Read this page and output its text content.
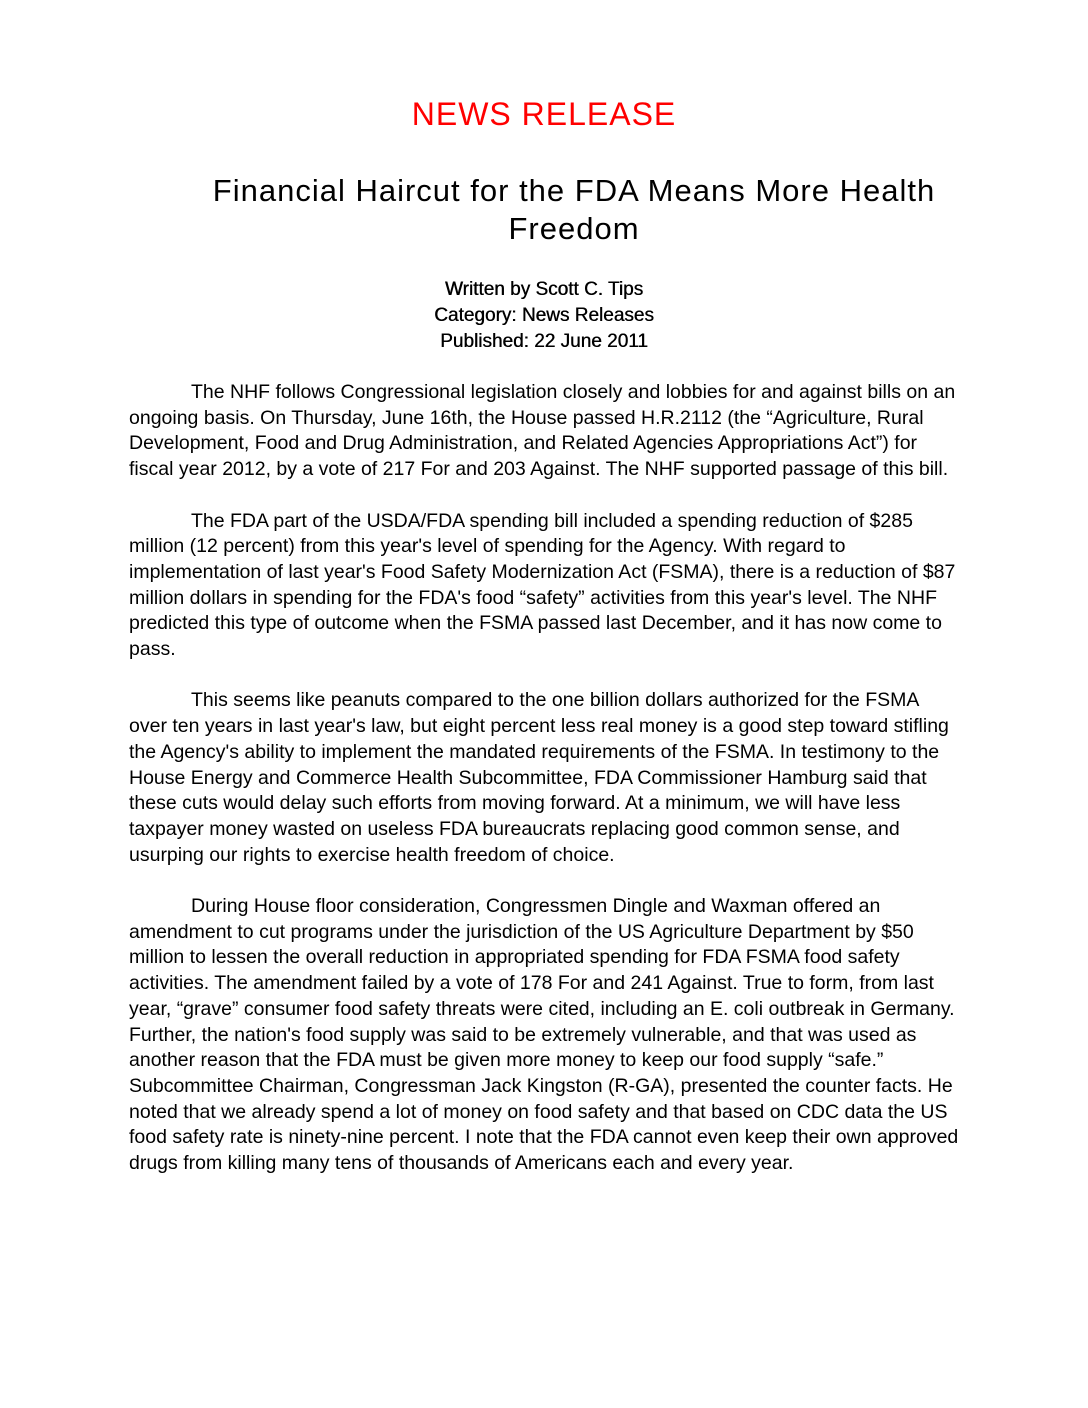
NEWS RELEASE
Financial Haircut for the FDA Means More Health Freedom
Written by Scott C. Tips
Category: News Releases
Published: 22 June 2011

The NHF follows Congressional legislation closely and lobbies for and against bills on an ongoing basis. On Thursday, June 16th, the House passed H.R.2112 (the “Agriculture, Rural Development, Food and Drug Administration, and Related Agencies Appropriations Act”) for fiscal year 2012, by a vote of 217 For and 203 Against. The NHF supported passage of this bill.

The FDA part of the USDA/FDA spending bill included a spending reduction of $285 million (12 percent) from this year's level of spending for the Agency. With regard to implementation of last year's Food Safety Modernization Act (FSMA), there is a reduction of $87 million dollars in spending for the FDA's food “safety” activities from this year's level. The NHF predicted this type of outcome when the FSMA passed last December, and it has now come to pass.

This seems like peanuts compared to the one billion dollars authorized for the FSMA over ten years in last year's law, but eight percent less real money is a good step toward stifling the Agency's ability to implement the mandated requirements of the FSMA. In testimony to the House Energy and Commerce Health Subcommittee, FDA Commissioner Hamburg said that these cuts would delay such efforts from moving forward. At a minimum, we will have less taxpayer money wasted on useless FDA bureaucrats replacing good common sense, and usurping our rights to exercise health freedom of choice.

During House floor consideration, Congressmen Dingle and Waxman offered an amendment to cut programs under the jurisdiction of the US Agriculture Department by $50 million to lessen the overall reduction in appropriated spending for FDA FSMA food safety activities. The amendment failed by a vote of 178 For and 241 Against. True to form, from last year, “grave” consumer food safety threats were cited, including an E. coli outbreak in Germany. Further, the nation's food supply was said to be extremely vulnerable, and that was used as another reason that the FDA must be given more money to keep our food supply “safe.” Subcommittee Chairman, Congressman Jack Kingston (R-GA), presented the counter facts. He noted that we already spend a lot of money on food safety and that based on CDC data the US food safety rate is ninety-nine percent. I note that the FDA cannot even keep their own approved drugs from killing many tens of thousands of Americans each and every year.
